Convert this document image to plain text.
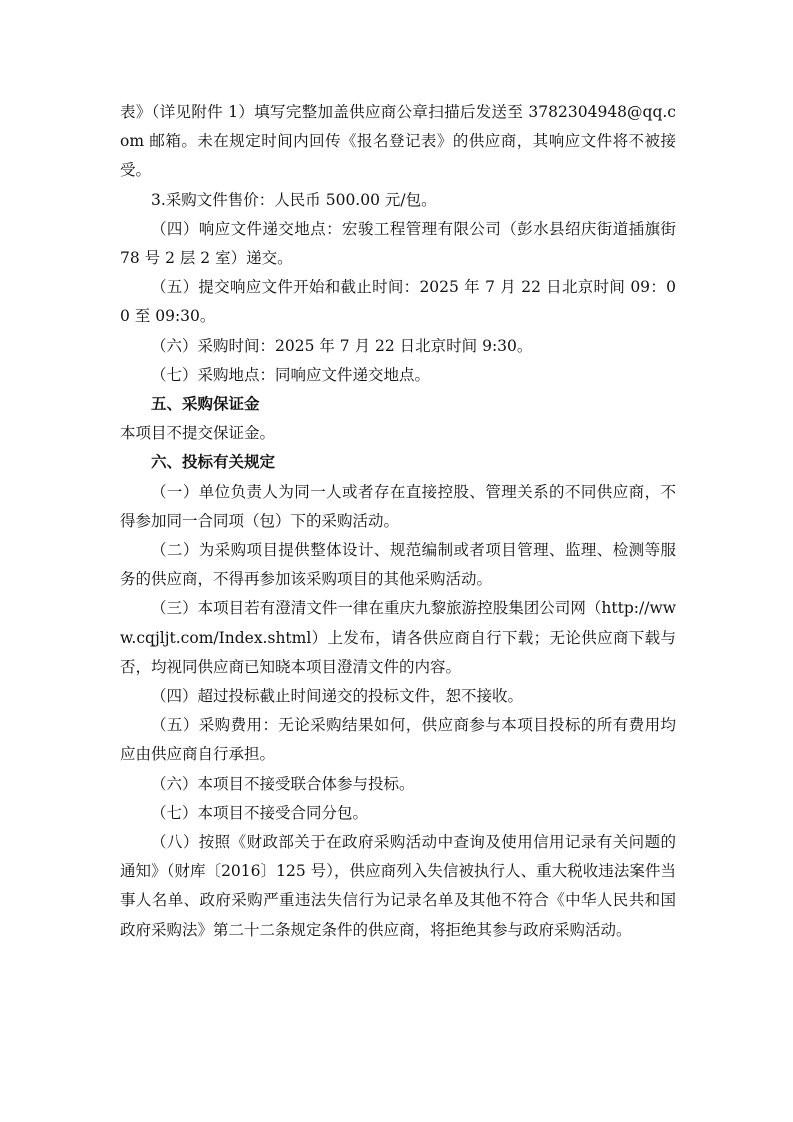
表》（详见附件 1）填写完整加盖供应商公章扫描后发送至 3782304948@qq.com 邮箱。未在规定时间内回传《报名登记表》的供应商，其响应文件将不被接受。

3.采购文件售价：人民币 500.00 元/包。

（四）响应文件递交地点：宏骏工程管理有限公司（彭水县绍庆街道插旗街 78 号 2 层 2 室）递交。

（五）提交响应文件开始和截止时间：2025 年 7 月 22 日北京时间 09：00 至 09:30。

（六）采购时间：2025 年 7 月 22 日北京时间 9:30。

（七）采购地点：同响应文件递交地点。

五、采购保证金

本项目不提交保证金。

六、投标有关规定

（一）单位负责人为同一人或者存在直接控股、管理关系的不同供应商，不得参加同一合同项（包）下的采购活动。

（二）为采购项目提供整体设计、规范编制或者项目管理、监理、检测等服务的供应商，不得再参加该采购项目的其他采购活动。

（三）本项目若有澄清文件一律在重庆九黎旅游控股集团公司网（http://www.cqjljt.com/Index.shtml）上发布，请各供应商自行下载；无论供应商下载与否，均视同供应商已知晓本项目澄清文件的内容。

（四）超过投标截止时间递交的投标文件，恕不接收。

（五）采购费用：无论采购结果如何，供应商参与本项目投标的所有费用均应由供应商自行承担。

（六）本项目不接受联合体参与投标。

（七）本项目不接受合同分包。

（八）按照《财政部关于在政府采购活动中查询及使用信用记录有关问题的通知》（财库〔2016〕125 号），供应商列入失信被执行人、重大税收违法案件当事人名单、政府采购严重违法失信行为记录名单及其他不符合《中华人民共和国政府采购法》第二十二条规定条件的供应商，将拒绝其参与政府采购活动。
